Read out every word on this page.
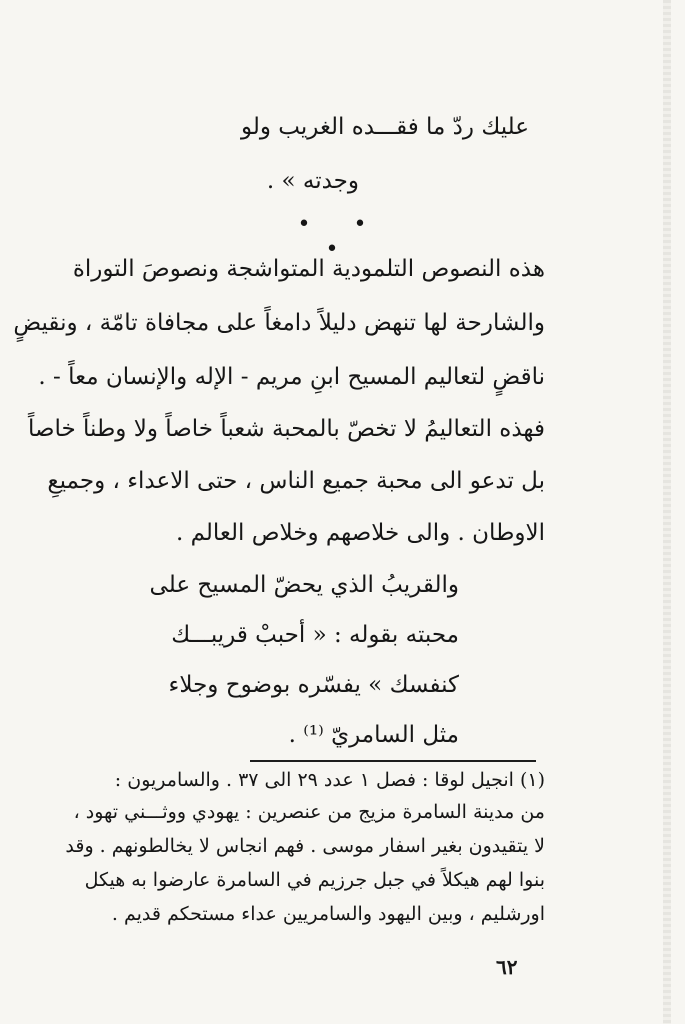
عليك ردّ ما فقـــده الغريب ولو
وجدته » .
• • •
هذه النصوص التلمودية المتواشجة ونصوصَ التوراة
والشارحة لها تنهض دليلاً دامغاً على مجافاة تامّة ، ونقيضٍ
ناقضٍ لتعاليم المسيح ابنِ مريم - الإله والإنسان معاً - .
فهذه التعاليمُ لا تخصّ بالمحبة شعباً خاصاً ولا وطناً خاصاً
بل تدعو الى محبة جميع الناس ، حتى الاعداء ، وجميعِ
الاوطان . والى خلاصهم وخلاص العالم .
والقريبُ الذي يحضّ المسيح على
محبته بقوله : « أحببْ قريبـــك
كنفسك » يفسّره بوضوح وجلاء
مثل السامريّ ⁽¹⁾ .
(١) انجيل لوقا : فصل ١ عدد ٢٩ الى ٣٧ . والسامريون :
من مدينة السامرة مزيج من عنصرين : يهودي ووثـــني تهود ،
لا يتقيدون بغير اسفار موسى . فهم انجاس لا يخالطونهم . وقد
بنوا لهم هيكلاً في جبل جرزيم في السامرة عارضوا به هيكل
اورشليم ، وبين اليهود والسامريين عداء مستحكم قديم .
٦٢
